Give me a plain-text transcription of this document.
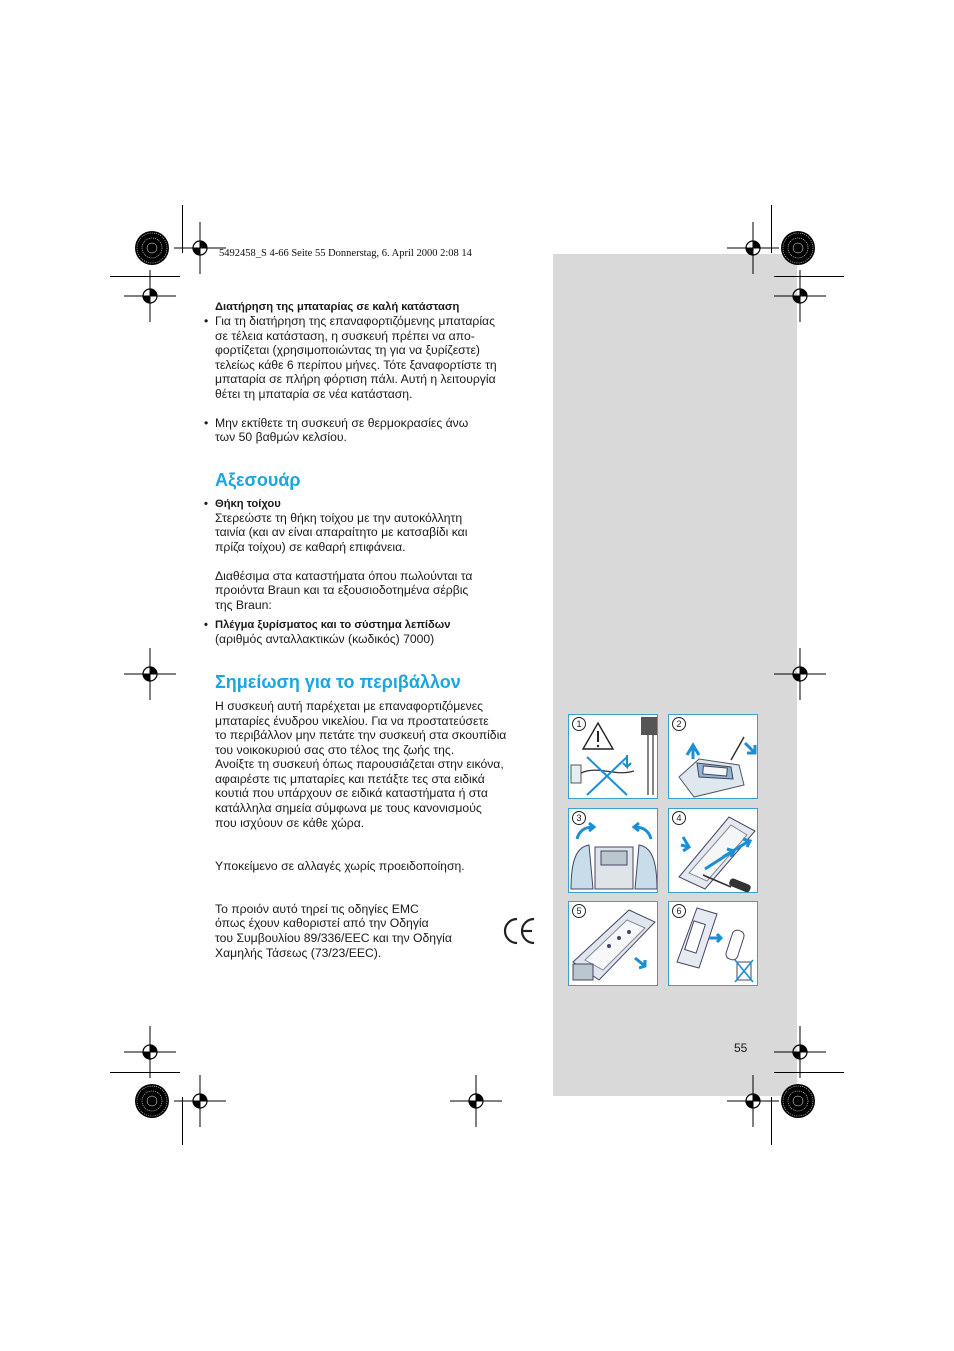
5492458_S 4-66 Seite 55 Donnerstag, 6. April 2000 2:08 14
Διατήρηση της μπαταρίας σε καλή κατάσταση
• Για τη διατήρηση της επαναφορτιζόμενης μπαταρίας
σε τέλεια κατάσταση, η συσκευή πρέπει να απο-
φορτίζεται (χρησιμοποιώντας τη για να ξυρίζεστε)
τελείως κάθε 6 περίπου μήνες. Τότε ξαναφορτίστε τη
μπαταρία σε πλήρη φόρτιση πάλι. Αυτή η λειτουργία
θέτει τη μπαταρία σε νέα κατάσταση.
• Μην εκτίθετε τη συσκευή σε θερμοκρασίες άνω
των 50 βαθμών κελσίου.
Αξεσουάρ
• Θήκη τοίχου
Στερεώστε τη θήκη τοίχου με την αυτοκόλλητη
ταινία (και αν είναι απαραίτητο με κατσαβίδι και
πρίζα τοίχου) σε καθαρή επιφάνεια.
Διαθέσιμα στα καταστήματα όπου πωλούνται τα
προιόντα Braun και τα εξουσιοδοτημένα σέρβις
της Braun:
• Πλέγμα ξυρίσματος και το σύστημα λεπίδων
(αριθμός ανταλλακτικών (κωδικός) 7000)
Σημείωση για το περιβάλλον
Η συσκευή αυτή παρέχεται με επαναφορτιζόμενες
μπαταρίες ένυδρου νικελίου. Για να προστατεύσετε
το περιβάλλον μην πετάτε την συσκευή στα σκουπίδια
του νοικοκυριού σας στο τέλος της ζωής της.
Ανοίξτε τη συσκευή όπως παρουσιάζεται στην εικόνα,
αφαιρέστε τις μπαταρίες και πετάξτε τες στα ειδικά
κουτιά που υπάρχουν σε ειδικά καταστήματα ή στα
κατάλληλα σημεία σύμφωνα με τους κανονισμούς
που ισχύουν σε κάθε χώρα.
Υποκείμενο σε αλλαγές χωρίς προειδοποίηση.
Το προιόν αυτό τηρεί τις οδηγίες EMC
όπως έχουν καθοριστεί από την Οδηγία
του Συμβουλίου 89/336/EEC και την Οδηγία
Χαμηλής Τάσεως (73/23/EEC).
1	2
3	4
5	6
55
